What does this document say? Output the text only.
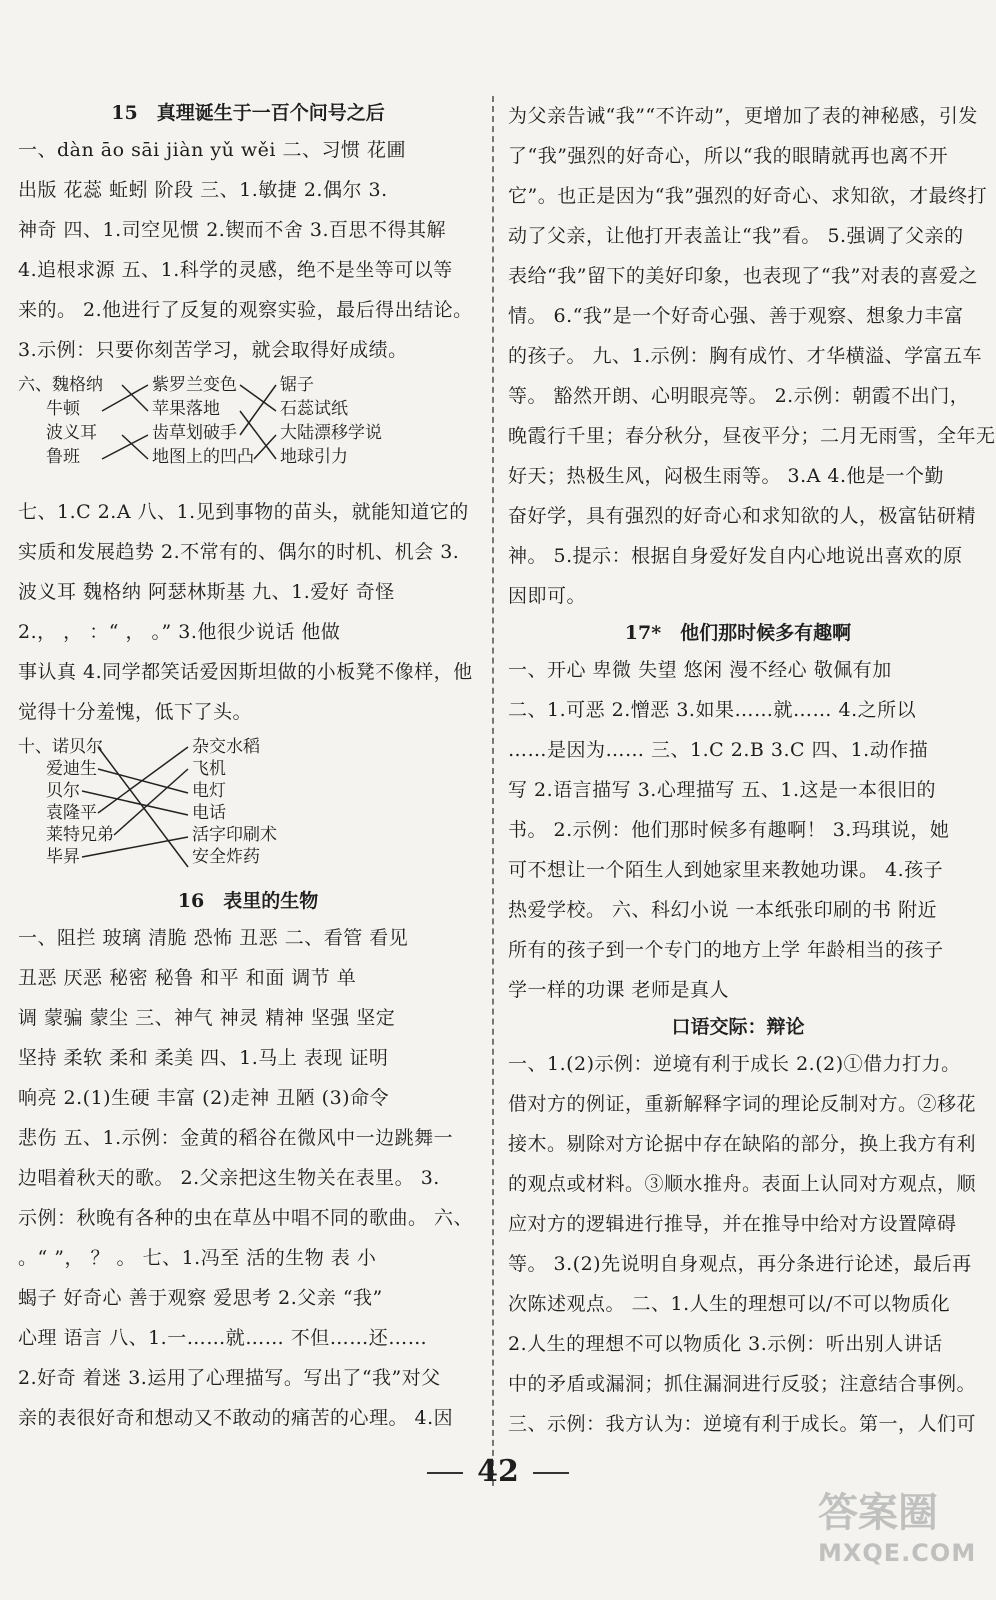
15　真理诞生于一百个问号之后
一、dàn āo sāi jiàn yǔ wěi 二、习惯 花圃
出版 花蕊 蚯蚓 阶段 三、1.敏捷 2.偶尔 3.
神奇 四、1.司空见惯 2.锲而不舍 3.百思不得其解
4.追根求源 五、1.科学的灵感，绝不是坐等可以等
来的。 2.他进行了反复的观察实验，最后得出结论。
3.示例：只要你刻苦学习，就会取得好成绩。
六、魏格纳
牛顿
波义耳
鲁班
紫罗兰变色
苹果落地
齿草划破手
地图上的凹凸
锯子
石蕊试纸
大陆漂移学说
地球引力
七、1.C 2.A 八、1.见到事物的苗头，就能知道它的
实质和发展趋势 2.不常有的、偶尔的时机、机会 3.
波义耳 魏格纳 阿瑟林斯基 九、1.爱好 奇怪
2.， ， ：“ ， 。” 3.他很少说话 他做
事认真 4.同学都笑话爱因斯坦做的小板凳不像样，他
觉得十分羞愧，低下了头。
十、诺贝尔
爱迪生
贝尔
袁隆平
莱特兄弟
毕昇
杂交水稻
飞机
电灯
电话
活字印刷术
安全炸药
16　表里的生物
一、阻拦 玻璃 清脆 恐怖 丑恶 二、看管 看见
丑恶 厌恶 秘密 秘鲁 和平 和面 调节 单
调 蒙骗 蒙尘 三、神气 神灵 精神 坚强 坚定
坚持 柔软 柔和 柔美 四、1.马上 表现 证明
响亮 2.(1)生硬 丰富 (2)走神 丑陋 (3)命令
悲伤 五、1.示例：金黄的稻谷在微风中一边跳舞一
边唱着秋天的歌。 2.父亲把这生物关在表里。 3.
示例：秋晚有各种的虫在草丛中唱不同的歌曲。 六、
。“ ”， ？ 。 七、1.冯至 活的生物 表 小
蝎子 好奇心 善于观察 爱思考 2.父亲 “我”
心理 语言 八、1.一……就…… 不但……还……
2.好奇 着迷 3.运用了心理描写。写出了“我”对父
亲的表很好奇和想动又不敢动的痛苦的心理。 4.因
为父亲告诫“我”“不许动”，更增加了表的神秘感，引发
了“我”强烈的好奇心，所以“我的眼睛就再也离不开
它”。也正是因为“我”强烈的好奇心、求知欲，才最终打
动了父亲，让他打开表盖让“我”看。 5.强调了父亲的
表给“我”留下的美好印象，也表现了“我”对表的喜爱之
情。 6.“我”是一个好奇心强、善于观察、想象力丰富
的孩子。 九、1.示例：胸有成竹、才华横溢、学富五车
等。 豁然开朗、心明眼亮等。 2.示例：朝霞不出门，
晚霞行千里；春分秋分，昼夜平分；二月无雨雪，全年无
好天；热极生风，闷极生雨等。 3.A 4.他是一个勤
奋好学，具有强烈的好奇心和求知欲的人，极富钻研精
神。 5.提示：根据自身爱好发自内心地说出喜欢的原
因即可。
17*　他们那时候多有趣啊
一、开心 卑微 失望 悠闲 漫不经心 敬佩有加
二、1.可恶 2.憎恶 3.如果……就…… 4.之所以
……是因为…… 三、1.C 2.B 3.C 四、1.动作描
写 2.语言描写 3.心理描写 五、1.这是一本很旧的
书。 2.示例：他们那时候多有趣啊！ 3.玛琪说，她
可不想让一个陌生人到她家里来教她功课。 4.孩子
热爱学校。 六、科幻小说 一本纸张印刷的书 附近
所有的孩子到一个专门的地方上学 年龄相当的孩子
学一样的功课 老师是真人
口语交际：辩论
一、1.(2)示例：逆境有利于成长 2.(2)①借力打力。
借对方的例证，重新解释字词的理论反制对方。②移花
接木。剔除对方论据中存在缺陷的部分，换上我方有利
的观点或材料。③顺水推舟。表面上认同对方观点，顺
应对方的逻辑进行推导，并在推导中给对方设置障碍
等。 3.(2)先说明自身观点，再分条进行论述，最后再
次陈述观点。 二、1.人生的理想可以/不可以物质化
2.人生的理想不可以物质化 3.示例：听出别人讲话
中的矛盾或漏洞；抓住漏洞进行反驳；注意结合事例。
三、示例：我方认为：逆境有利于成长。第一，人们可
42
答案圈
MXQE.COM
